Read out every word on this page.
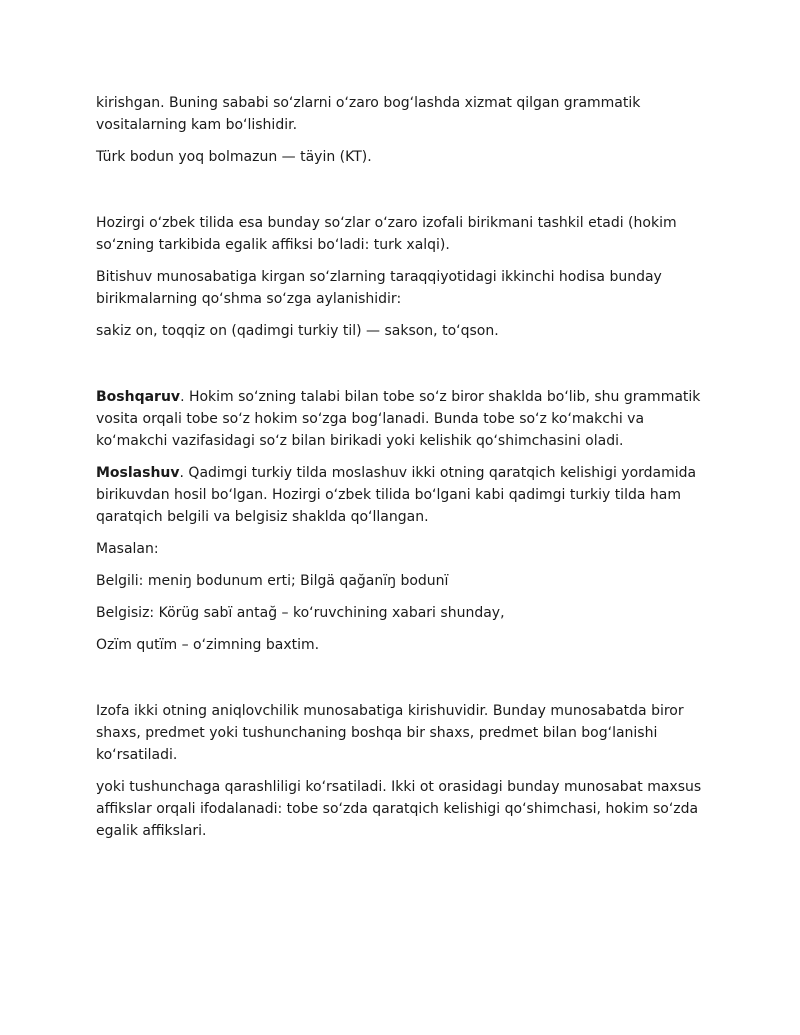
kirishgan. Buning sababi so‘zlarni o‘zaro bog‘lashda xizmat qilgan grammatik vositalarning kam bo‘lishidir.

Türk bodun yoq bolmazun — täyin (KT).

Hozirgi o‘zbek tilida esa bunday so‘zlar o‘zaro izofali birikmani tashkil etadi (hokim so‘zning tarkibida egalik affiksi bo‘ladi: turk xalqi).

Bitishuv munosabatiga kirgan so‘zlarning taraqqiyotidagi ikkinchi hodisa bunday birikmalarning qo‘shma so‘zga aylanishidir:

sakiz on, toqqiz on (qadimgi turkiy til) — sakson, to‘qson.

Boshqaruv. Hokim so‘zning talabi bilan tobe so‘z biror shaklda bo‘lib, shu grammatik vosita orqali tobe so‘z hokim so‘zga bog‘lanadi. Bunda tobe so‘z ko‘makchi va ko‘makchi vazifasidagi so‘z bilan birikadi yoki kelishik qo‘shimchasini oladi.

Moslashuv. Qadimgi turkiy tilda moslashuv ikki otning qaratqich kelishigi yordamida birikuvdan hosil bo‘lgan. Hozirgi o‘zbek tilida bo‘lgani kabi qadimgi turkiy tilda ham qaratqich belgili va belgisiz shaklda qo‘llangan.

Masalan:

Belgili: meniŋ bodunum erti; Bilgä qağanïŋ bodunï

Belgisiz: Körüg sabï antağ – ko‘ruvchining xabari shunday,

Ozïm qutïm – o‘zimning baxtim.

Izofa ikki otning aniqlovchilik munosabatiga kirishuvidir. Bunday munosabatda biror shaxs, predmet yoki tushunchaning boshqa bir shaxs, predmet bilan bog‘lanishi ko‘rsatiladi.

yoki tushunchaga qarashliligi ko‘rsatiladi. Ikki ot orasidagi bunday munosabat maxsus affikslar orqali ifodalanadi: tobe so‘zda qaratqich kelishigi qo‘shimchasi, hokim so‘zda egalik affikslari.
